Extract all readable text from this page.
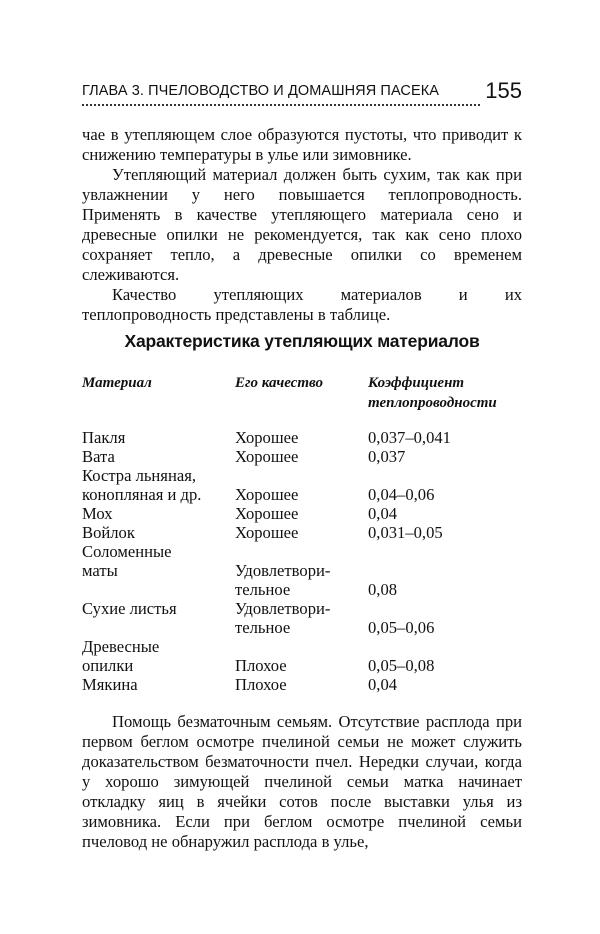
ГЛАВА 3. ПЧЕЛОВОДСТВО И ДОМАШНЯЯ ПАСЕКА 155

чае в утепляющем слое образуются пустоты, что приводит к снижению температуры в улье или зимовнике.

Утепляющий материал должен быть сухим, так как при увлажнении у него повышается теплопроводность. Применять в качестве утепляющего материала сено и древесные опилки не рекомендуется, так как сено плохо сохраняет тепло, а древесные опилки со временем слеживаются.

Качество утепляющих материалов и их теплопроводность представлены в таблице.

Характеристика утепляющих материалов
Материал	Его качество	Коэффициент
теплопроводности
Пакля	Хорошее	0,037–0,041
Вата	Хорошее	0,037
Костра льняная,
конопляная и др. Хорошее	0,04–0,06
Мох	Хорошее	0,04
Войлок	Хорошее	0,031–0,05
Соломенные
маты	Удовлетвори-
тельное	0,08
Сухие листья	Удовлетвори-
тельное	0,05–0,06
Древесные
опилки	Плохое	0,05–0,08
Мякина	Плохое	0,04

Помощь безматочным семьям. Отсутствие расплода при первом беглом осмотре пчелиной семьи не может служить доказательством безматочности пчел. Нередки случаи, когда у хорошо зимующей пчелиной семьи матка начинает откладку яиц в ячейки сотов после выставки улья из зимовника. Если при беглом осмотре пчелиной семьи пчеловод не обнаружил расплода в улье,
